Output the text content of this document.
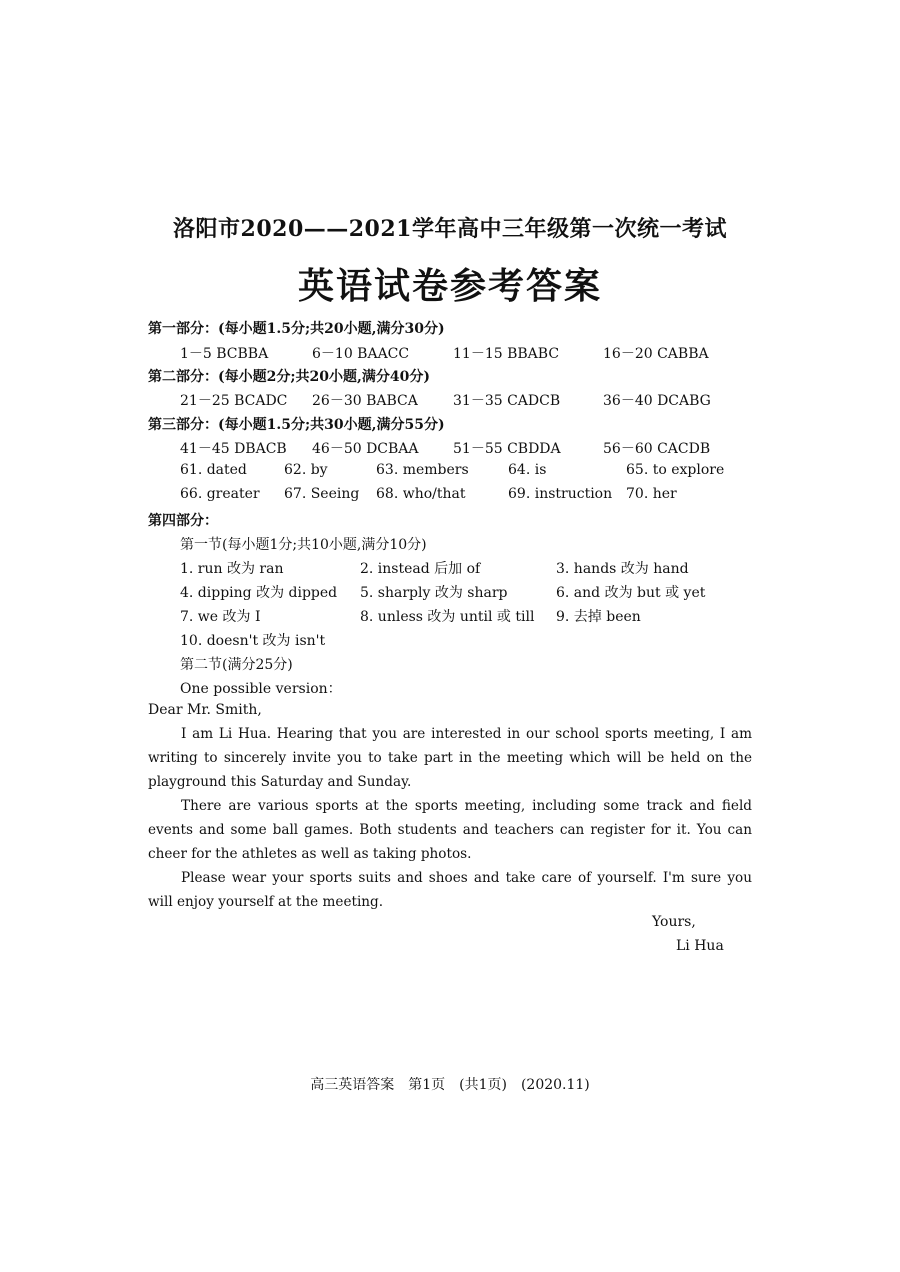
洛阳市2020——2021学年高中三年级第一次统一考试
英语试卷参考答案
第一部分：(每小题1.5分;共20小题,满分30分)
1－5 BCBBA	6－10 BAACC	11－15 BBABC	16－20 CABBA
第二部分：(每小题2分;共20小题,满分40分)
21－25 BCADC 26－30 BABCA	31－35 CADCB	36－40 DCABG
第三部分：(每小题1.5分;共30小题,满分55分)
41－45 DBACB 46－50 DCBAA 51－55 CBDDA	56－60 CACDB
61. dated	62. by	63. members	64. is	65. to explore
66. greater 67. Seeing 68. who/that	69. instruction 70. her
第四部分：
第一节(每小题1分;共10小题,满分10分)
1. run 改为 ran	2. instead 后加 of	3. hands 改为 hand
4. dipping 改为 dipped 5. sharply 改为 sharp	6. and 改为 but 或 yet
7. we 改为 I	8. unless 改为 until 或 till 9. 去掉 been
10. doesn't 改为 isn't
第二节(满分25分)
One possible version：
Dear Mr. Smith,

I am Li Hua. Hearing that you are interested in our school sports meeting, I am writing to sincerely invite you to take part in the meeting which will be held on the playground this Saturday and Sunday.

There are various sports at the sports meeting, including some track and field events and some ball games. Both students and teachers can register for it. You can cheer for the athletes as well as taking photos.

Please wear your sports suits and shoes and take care of yourself. I'm sure you will enjoy yourself at the meeting.

Yours,
Li Hua
高三英语答案　第1页　(共1页)　(2020.11)
